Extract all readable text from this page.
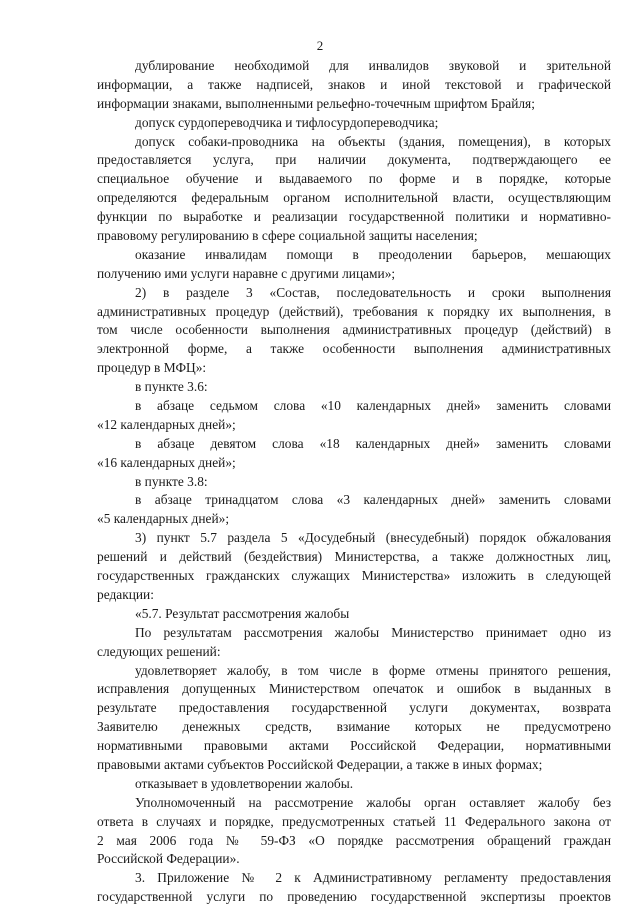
2
дублирование необходимой для инвалидов звуковой и зрительной
информации, а также надписей, знаков и иной текстовой и графической
информации знаками, выполненными рельефно-точечным шрифтом Брайля;
допуск сурдопереводчика и тифлосурдопереводчика;
допуск собаки-проводника на объекты (здания, помещения), в которых
предоставляется услуга, при наличии документа, подтверждающего ее
специальное обучение и выдаваемого по форме и в порядке, которые
определяются федеральным органом исполнительной власти, осуществляющим
функции по выработке и реализации государственной политики и нормативно-
правовому регулированию в сфере социальной защиты населения;
оказание инвалидам помощи в преодолении барьеров, мешающих
получению ими услуги наравне с другими лицами»;
2) в разделе 3 «Состав, последовательность и сроки выполнения
административных процедур (действий), требования к порядку их выполнения, в
том числе особенности выполнения административных процедур (действий) в
электронной форме, а также особенности выполнения административных
процедур в МФЦ»:
в пункте 3.6:
в абзаце седьмом слова «10 календарных дней» заменить словами
«12 календарных дней»;
в абзаце девятом слова «18 календарных дней» заменить словами
«16 календарных дней»;
в пункте 3.8:
в абзаце тринадцатом слова «3 календарных дней» заменить словами
«5 календарных дней»;
3) пункт 5.7 раздела 5 «Досудебный (внесудебный) порядок обжалования
решений и действий (бездействия) Министерства, а также должностных лиц,
государственных гражданских служащих Министерства» изложить в следующей
редакции:
«5.7. Результат рассмотрения жалобы
По результатам рассмотрения жалобы Министерство принимает одно из
следующих решений:
удовлетворяет жалобу, в том числе в форме отмены принятого решения,
исправления допущенных Министерством опечаток и ошибок в выданных в
результате предоставления государственной услуги документах, возврата
Заявителю денежных средств, взимание которых не предусмотрено
нормативными правовыми актами Российской Федерации, нормативными
правовыми актами субъектов Российской Федерации, а также в иных формах;
отказывает в удовлетворении жалобы.
Уполномоченный на рассмотрение жалобы орган оставляет жалобу без
ответа в случаях и порядке, предусмотренных статьей 11 Федерального закона от
2 мая 2006 года № 59-ФЗ «О порядке рассмотрения обращений граждан
Российской Федерации».
3. Приложение № 2 к Административному регламенту предоставления
государственной услуги по проведению государственной экспертизы проектов
